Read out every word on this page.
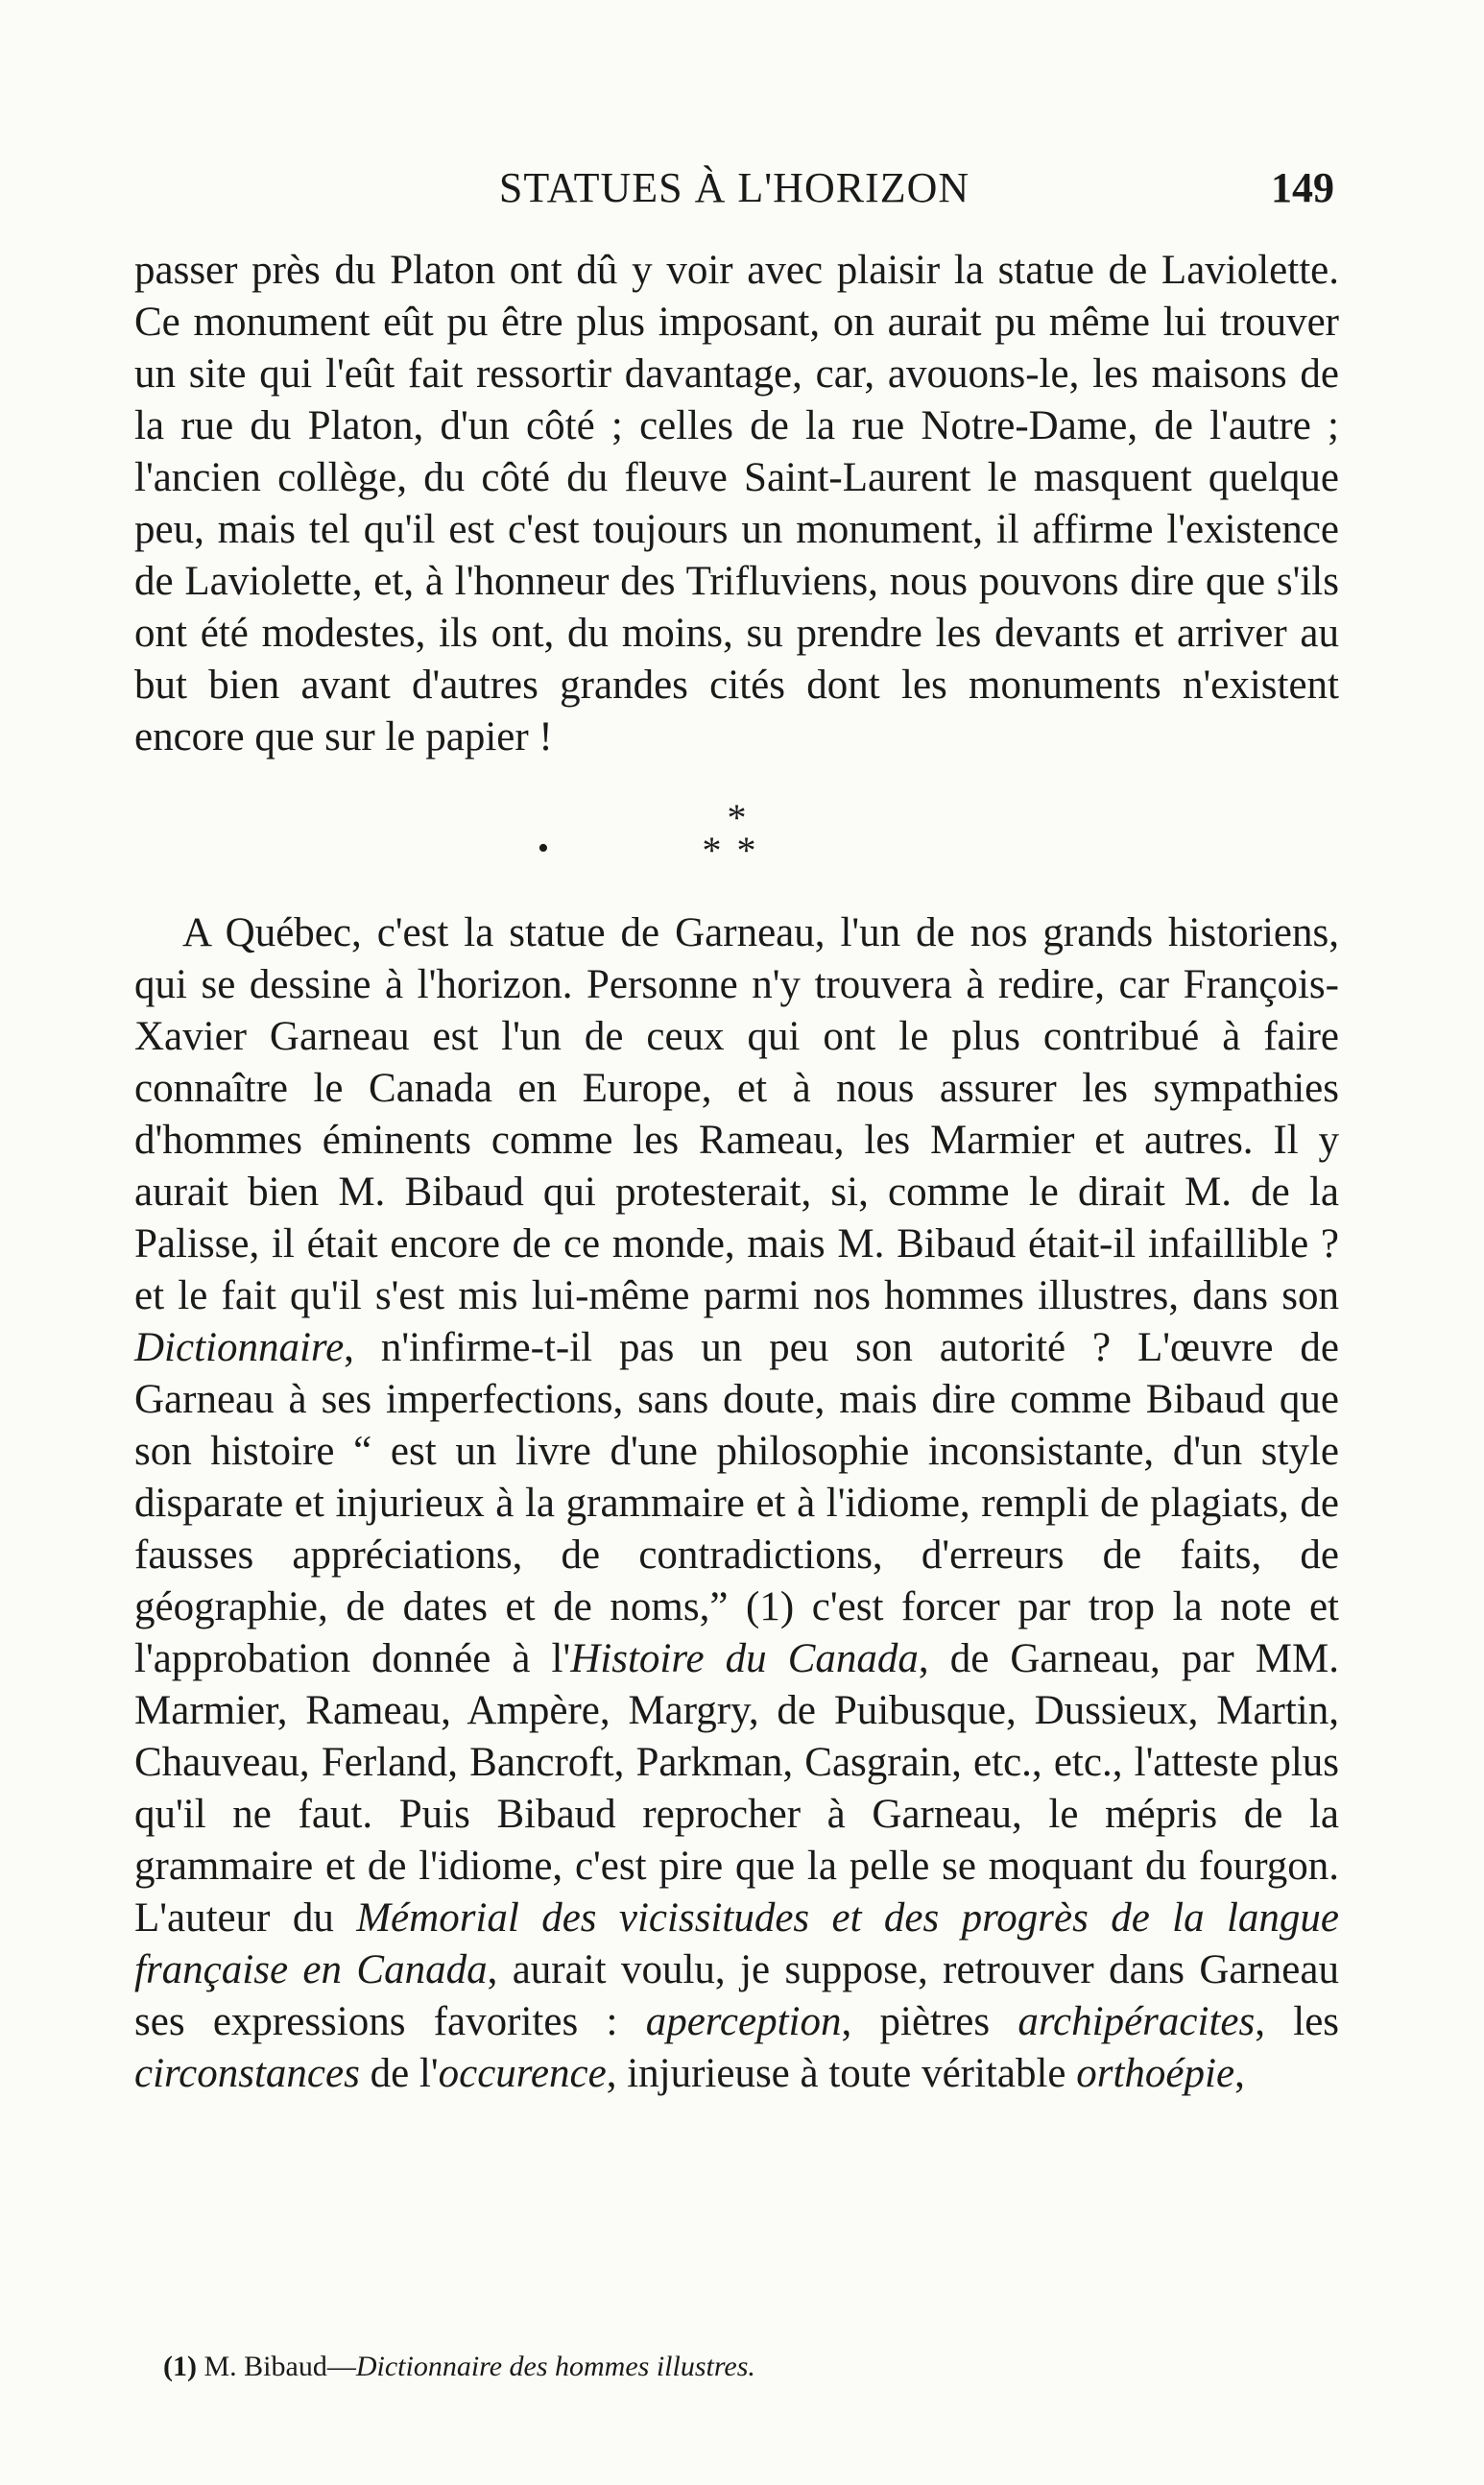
STATUES À L'HORIZON	149

passer près du Platon ont dû y voir avec plaisir la statue de Laviolette. Ce monument eût pu être plus imposant, on aurait pu même lui trouver un site qui l'eût fait ressortir davantage, car, avouons-le, les maisons de la rue du Platon, d'un côté ; celles de la rue Notre-Dame, de l'autre ; l'ancien collège, du côté du fleuve Saint-Laurent le masquent quelque peu, mais tel qu'il est c'est toujours un monument, il affirme l'existence de Laviolette, et, à l'honneur des Trifluviens, nous pouvons dire que s'ils ont été modestes, ils ont, du moins, su prendre les devants et arriver au but bien avant d'autres grandes cités dont les monuments n'existent encore que sur le papier !

•
*
**

A Québec, c'est la statue de Garneau, l'un de nos grands historiens, qui se dessine à l'horizon. Personne n'y trouvera à redire, car François-Xavier Garneau est l'un de ceux qui ont le plus contribué à faire connaître le Canada en Europe, et à nous assurer les sympathies d'hommes éminents comme les Rameau, les Marmier et autres. Il y aurait bien M. Bibaud qui protesterait, si, comme le dirait M. de la Palisse, il était encore de ce monde, mais M. Bibaud était-il infaillible ? et le fait qu'il s'est mis lui-même parmi nos hommes illustres, dans son Dictionnaire, n'infirme-t-il pas un peu son autorité ? L'œuvre de Garneau à ses imperfections, sans doute, mais dire comme Bibaud que son histoire “ est un livre d'une philosophie inconsistante, d'un style disparate et injurieux à la grammaire et à l'idiome, rempli de plagiats, de fausses appréciations, de contradictions, d'erreurs de faits, de géographie, de dates et de noms,” (1) c'est forcer par trop la note et l'approbation donnée à l'Histoire du Canada, de Garneau, par MM. Marmier, Rameau, Ampère, Margry, de Puibusque, Dussieux, Martin, Chauveau, Ferland, Bancroft, Parkman, Casgrain, etc., etc., l'atteste plus qu'il ne faut. Puis Bibaud reprocher à Garneau, le mépris de la grammaire et de l'idiome, c'est pire que la pelle se moquant du fourgon. L'auteur du Mémorial des vicissitudes et des progrès de la langue française en Canada, aurait voulu, je suppose, retrouver dans Garneau ses expressions favorites : aperception, piètres archipéracites, les circonstances de l'occurence, injurieuse à toute véritable orthoépie,

(1) M. Bibaud—Dictionnaire des hommes illustres.
